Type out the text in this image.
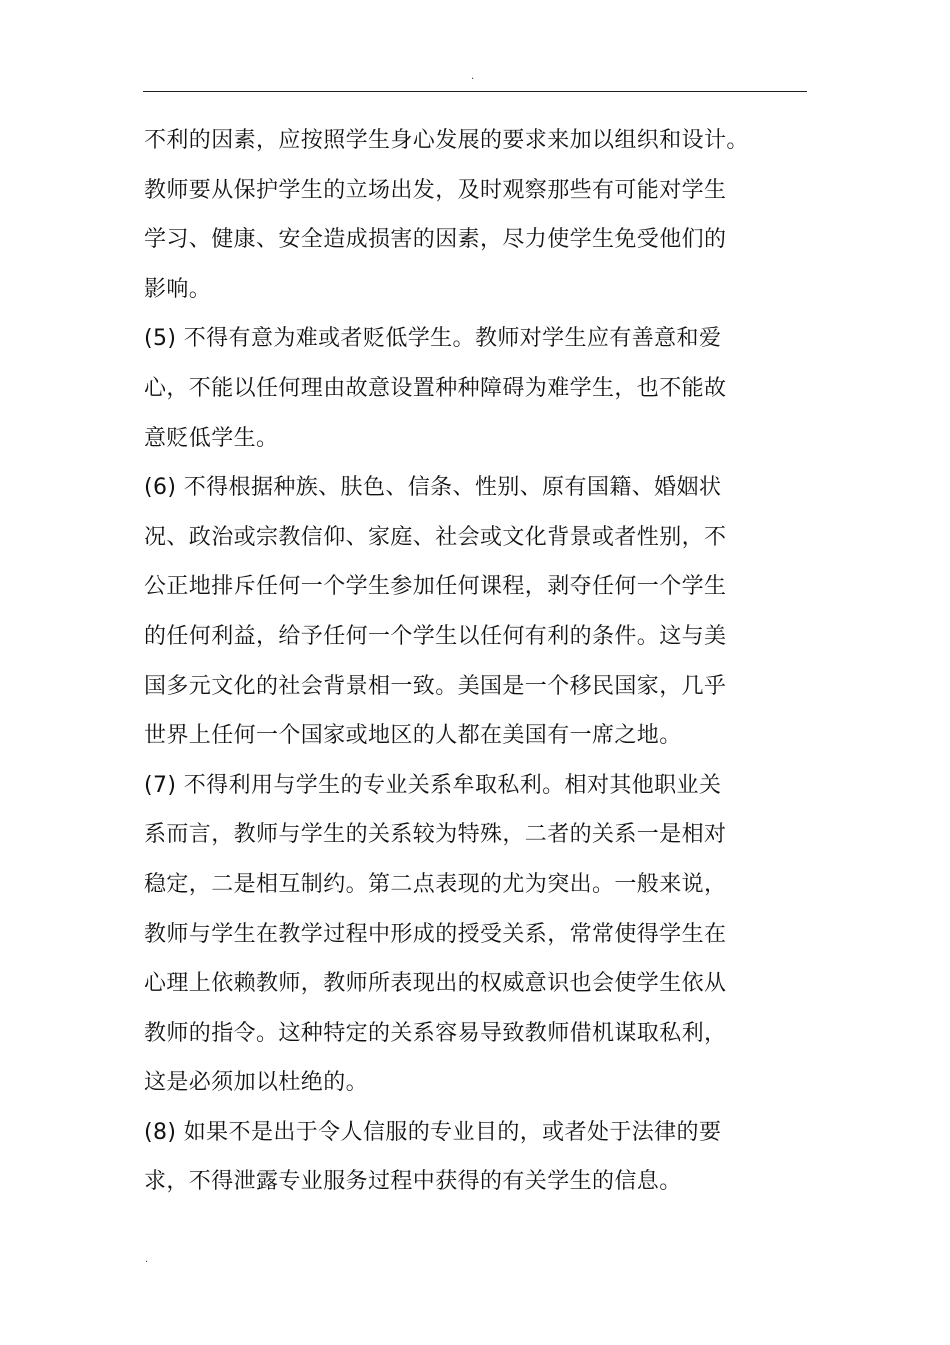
.
不利的因素，应按照学生身心发展的要求来加以组织和设计。
教师要从保护学生的立场出发，及时观察那些有可能对学生
学习、健康、安全造成损害的因素，尽力使学生免受他们的
影响。
(5) 不得有意为难或者贬低学生。教师对学生应有善意和爱
心，不能以任何理由故意设置种种障碍为难学生，也不能故
意贬低学生。
(6) 不得根据种族、肤色、信条、性别、原有国籍、婚姻状
况、政治或宗教信仰、家庭、社会或文化背景或者性别，不
公正地排斥任何一个学生参加任何课程，剥夺任何一个学生
的任何利益，给予任何一个学生以任何有利的条件。这与美
国多元文化的社会背景相一致。美国是一个移民国家，几乎
世界上任何一个国家或地区的人都在美国有一席之地。
(7) 不得利用与学生的专业关系牟取私利。相对其他职业关
系而言，教师与学生的关系较为特殊，二者的关系一是相对
稳定，二是相互制约。第二点表现的尤为突出。一般来说，
教师与学生在教学过程中形成的授受关系，常常使得学生在
心理上依赖教师，教师所表现出的权威意识也会使学生依从
教师的指令。这种特定的关系容易导致教师借机谋取私利，
这是必须加以杜绝的。
(8) 如果不是出于令人信服的专业目的，或者处于法律的要
求，不得泄露专业服务过程中获得的有关学生的信息。
.
